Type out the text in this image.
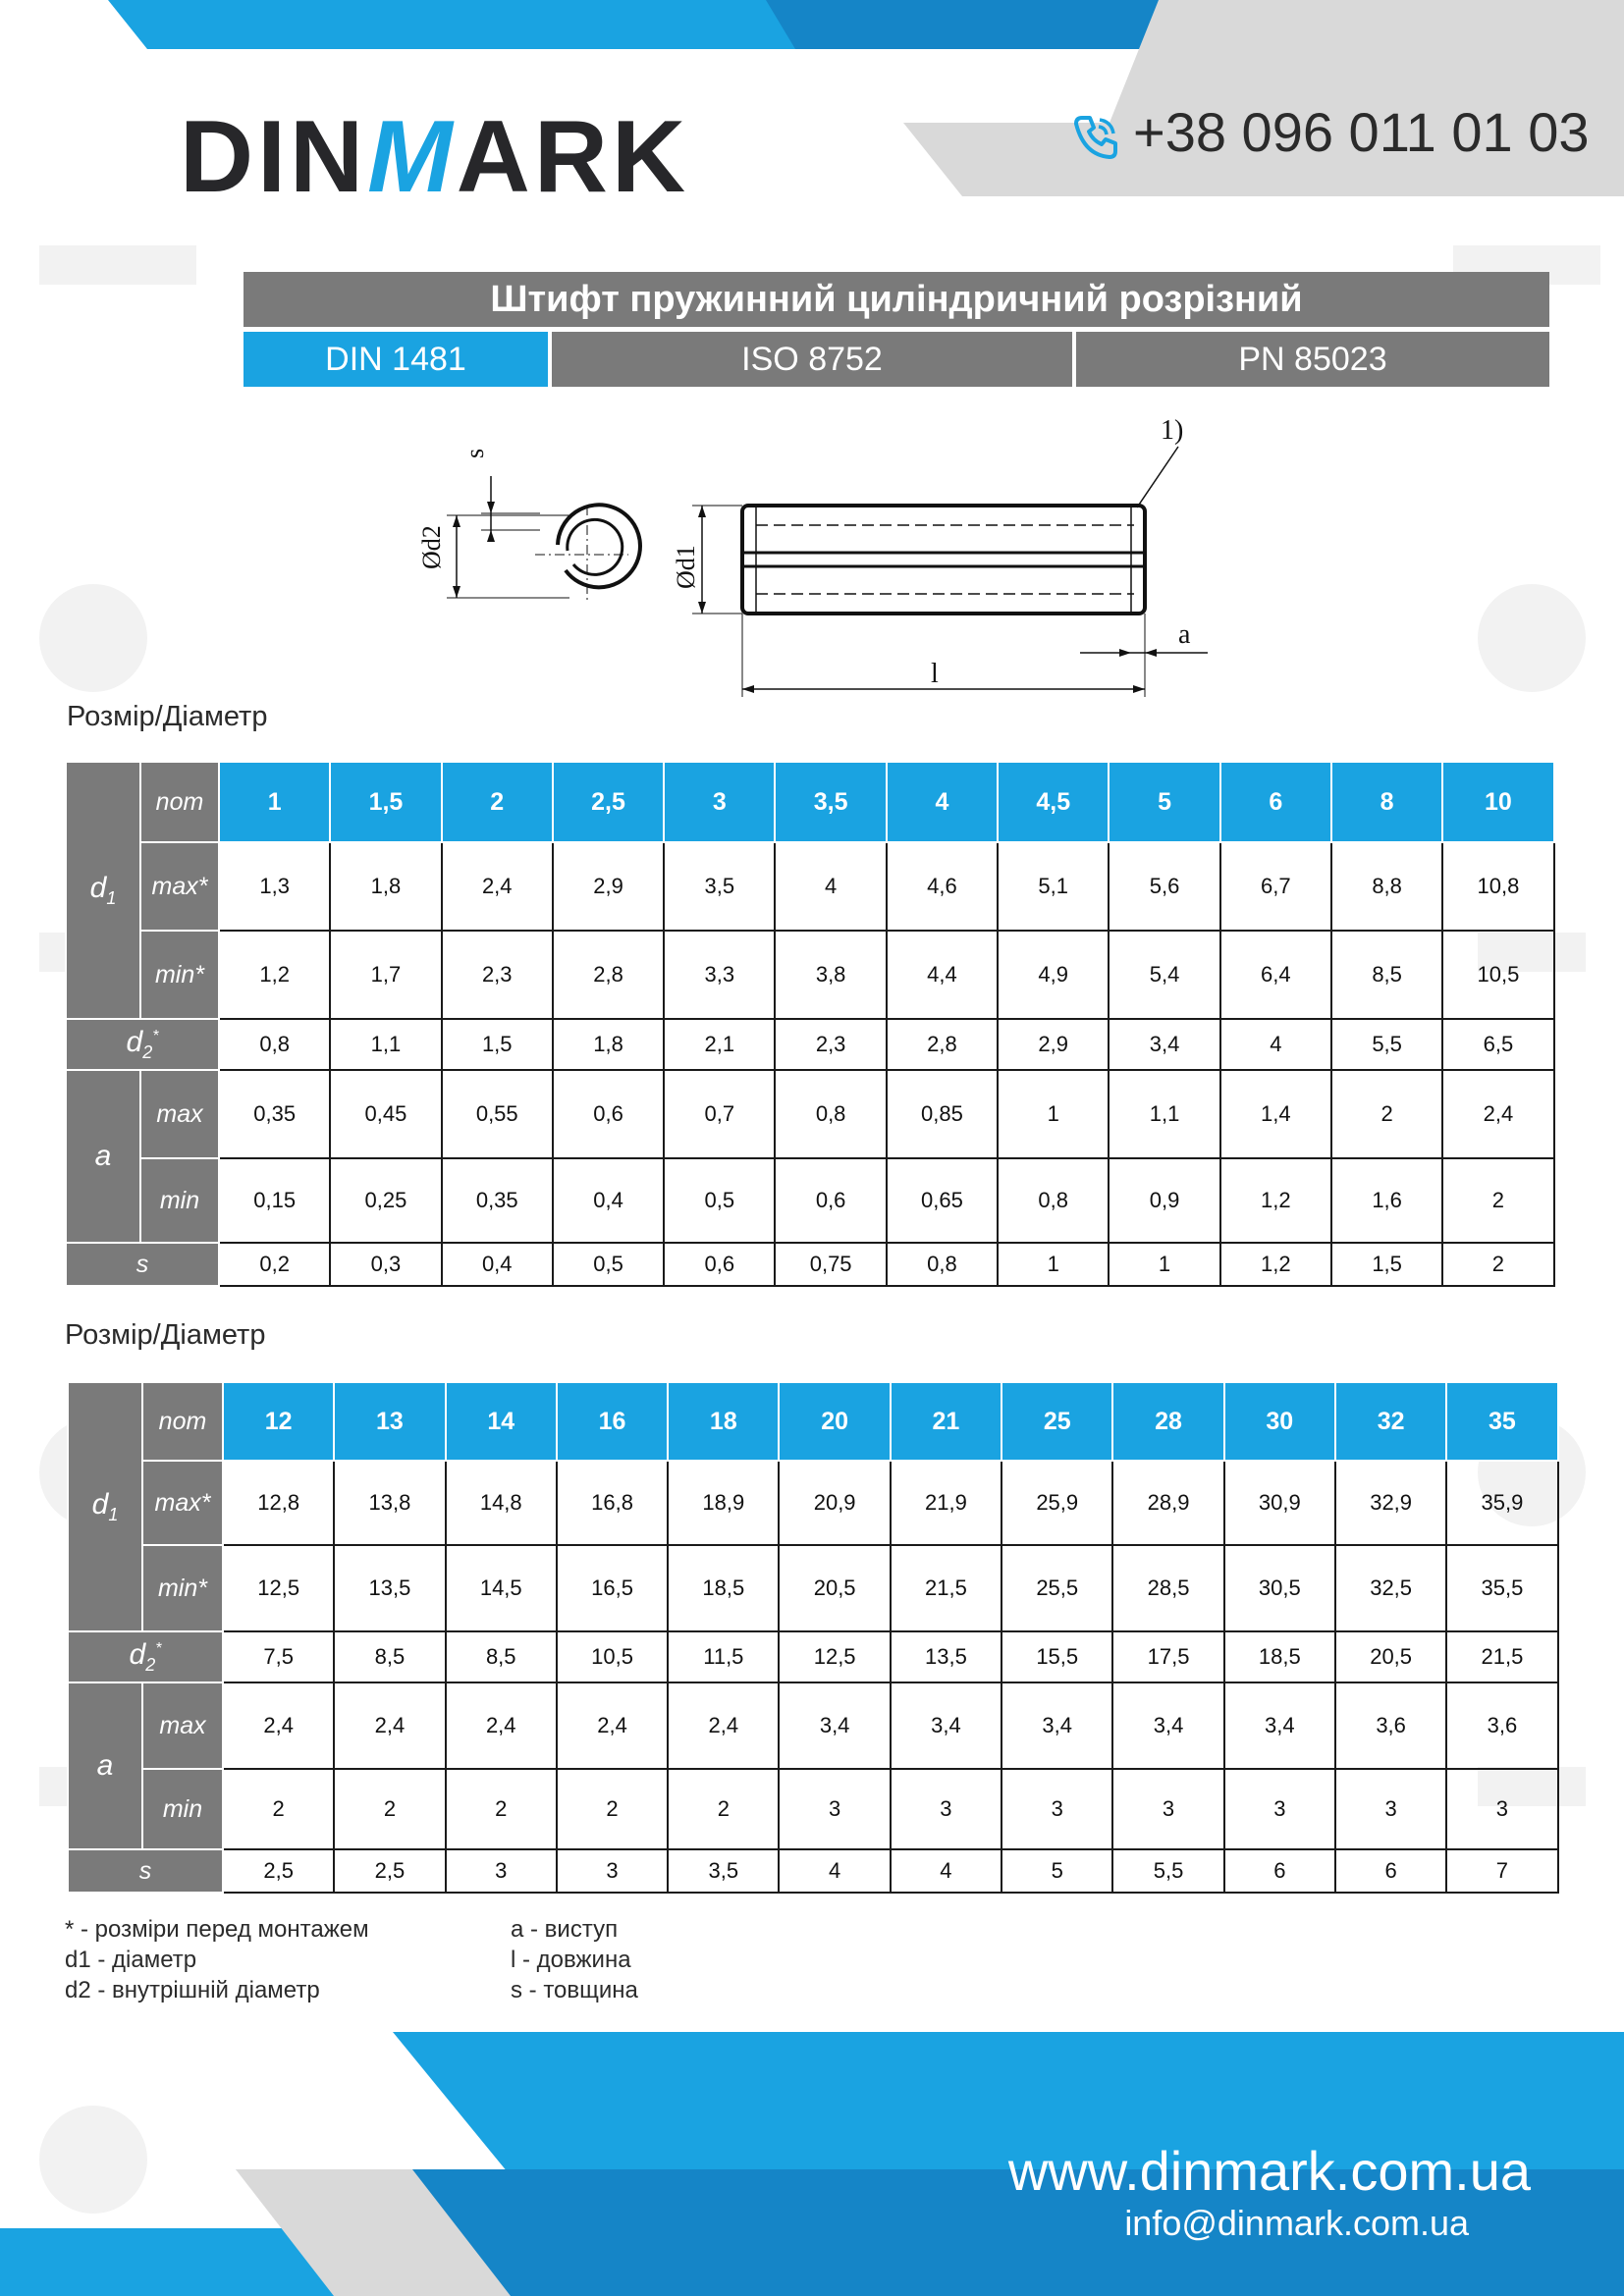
DINMARK	+38 096 011 01 03
Штифт пружинний циліндричний розрізний
DIN 1481	ISO 8752	PN 85023
Ød2
s
Ød1
l
a
1)
Розмір/Діаметр
$d_1$	nom	1	1,5	2	2,5	3	3,5	4	4,5	5	6	8	10
	max*	1,3	1,8	2,4	2,9	3,5	4	4,6	5,1	5,6	6,7	8,8	10,8
	min*	1,2	1,7	2,3	2,8	3,3	3,8	4,4	4,9	5,4	6,4	8,5	10,5
$d_2^*$		0,8	1,1	1,5	1,8	2,1	2,3	2,8	2,9	3,4	4	5,5	6,5
a	max	0,35	0,45	0,55	0,6	0,7	0,8	0,85	1	1,1	1,4	2	2,4
	min	0,15	0,25	0,35	0,4	0,5	0,6	0,65	0,8	0,9	1,2	1,6	2
s		0,2	0,3	0,4	0,5	0,6	0,75	0,8	1	1	1,2	1,5	2
Розмір/Діаметр
$d_1$	nom	12	13	14	16	18	20	21	25	28	30	32	35
	max*	12,8	13,8	14,8	16,8	18,9	20,9	21,9	25,9	28,9	30,9	32,9	35,9
	min*	12,5	13,5	14,5	16,5	18,5	20,5	21,5	25,5	28,5	30,5	32,5	35,5
$d_2^*$		7,5	8,5	8,5	10,5	11,5	12,5	13,5	15,5	17,5	18,5	20,5	21,5
a	max	2,4	2,4	2,4	2,4	2,4	3,4	3,4	3,4	3,4	3,4	3,6	3,6
	min	2	2	2	2	2	3	3	3	3	3	3	3
s		2,5	2,5	3	3	3,5	4	4	5	5,5	6	6	7
* - розміри перед монтажем
d1 - діаметр
d2 - внутрішній діаметр
a - виступ
l - довжина
s - товщина
www.dinmark.com.ua
info@dinmark.com.ua
